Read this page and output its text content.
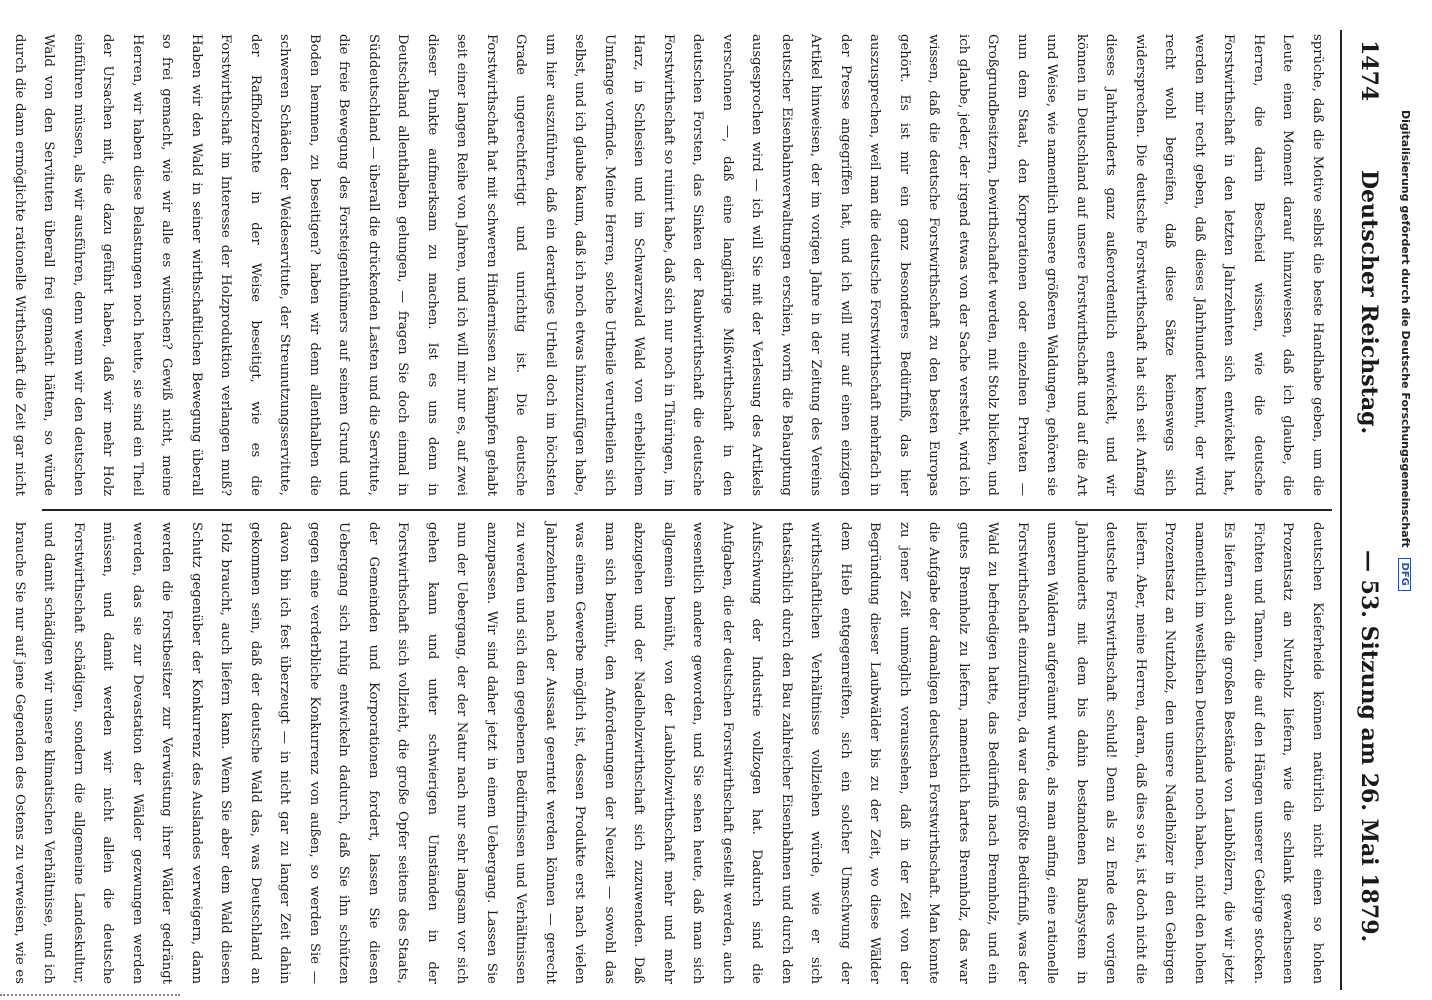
1474
Deutscher Reichstag.
— 53. Sitzung am 26. Mai 1879.

sprüche, daß die Motive selbst die beste Handhabe geben, um die Leute einen Moment darauf hinzuweisen, daß ich glaube, die Herren, die darin Bescheid wissen, wie die deutsche Forstwirthschaft in den letzten Jahrzehnten sich entwickelt hat, werden mir recht geben, daß dieses Jahrhundert kennt, der wird recht wohl begreifen, daß diese Sätze keineswegs sich widersprechen. Die deutsche Forstwirthschaft hat sich seit Anfang dieses Jahrhunderts ganz außerordentlich entwickelt, und wir können in Deutschland auf unsere Forstwirthschaft und auf die Art und Weise, wie namentlich unsere größeren Waldungen, gehören sie nun dem Staat, den Korporationen oder einzelnen Privaten — Großgrundbesitzern, bewirthschaftet werden, mit Stolz blicken, und ich glaube, jeder, der irgend etwas von der Sache versteht, wird ich wissen, daß die deutsche Forstwirthschaft zu den besten Europas gehört. Es ist mir ein ganz besonderes Bedürfniß, das hier auszusprechen, weil man die deutsche Forstwirthschaft mehrfach in der Presse angegriffen hat, und ich will nur auf einen einzigen Artikel hinweisen, der im vorigen Jahre in der Zeitung des Vereins deutscher Eisenbahnverwaltungen erschien, worin die Behauptung ausgesprochen wird — ich will Sie mit der Verlesung des Artikels verschonen —, daß eine langjährige Mißwirthschaft in den deutschen Forsten, das Sinken der Raubwirthschaft die deutsche Forstwirthschaft so ruinirt habe, daß sich nur noch in Thüringen, im Harz, in Schlesien und im Schwarzwald Wald von erheblichem Umfange vorfinde. Meine Herren, solche Urtheile verurtheilen sich selbst, und ich glaube kaum, daß ich noch etwas hinzuzufügen habe, um hier auszuführen, daß ein derartiges Urtheil doch im höchsten Grade ungerechtfertigt und unrichtig ist. Die deutsche Forstwirthschaft hat mit schweren Hindernissen zu kämpfen gehabt seit einer langen Reihe von Jahren, und ich will mir nur es, auf zwei dieser Punkte aufmerksam zu machen. Ist es uns denn in Deutschland allenthalben gelungen, — fragen Sie doch einmal in Süddeutschland — überall die drückenden Lasten und die Servitute, die freie Bewegung des Forsteigenthümers auf seinem Grund und Boden hemmen, zu beseitigen? haben wir denn allenthalben die schweren Schäden der Weideservitute, der Streunutzungsservitute, der Raffholzrechte in der Weise beseitigt, wie es die Forstwirthschaft im Interesse der Holzproduktion verlangen muß? Haben wir den Wald in seiner wirthschaftlichen Bewegung überall so frei gemacht, wie wir alle es wünschen? Gewiß nicht, meine Herren, wir haben diese Belastungen noch heute, sie sind ein Theil der Ursachen mit, die dazu geführt haben, daß wir mehr Holz einführen müssen, als wir ausführen, denn wenn wir den deutschen Wald von den Servituten überall frei gemacht hätten, so würde durch die dann ermöglichte rationelle Wirthschaft die Zeit gar nicht

deutschen Kieferheide können natürlich nicht einen so hohen Prozentsatz an Nutzholz liefern, wie die schlank gewachsenen Fichten und Tannen, die auf den Hängen unserer Gebirge stocken. Es liefern auch die großen Bestände von Laubhölzern, die wir jetzt namentlich im westlichen Deutschland noch haben, nicht den hohen Prozentsatz an Nutzholz, den unsere Nadelhölzer in den Gebirgen liefern. Aber, meine Herren, daran, daß dies so ist, ist doch nicht die deutsche Forstwirthschaft schuld! Denn als zu Ende des vorigen Jahrhunderts mit dem bis dahin bestandenen Raubsystem in unseren Waldern aufgeräumt wurde, als man anfing, eine rationelle Forstwirthschaft einzuführen, da war das größte Bedürfniß, was der Wald zu befriedigen hatte, das Bedürfniß nach Brennholz, und ein gutes Brennholz zu liefern, namentlich hartes Brennholz, das war die Aufgabe der damaligen deutschen Forstwirthschaft. Man konnte zu jener Zeit unmöglich voraussehen, daß in der Zeit von der Begründung dieser Laubwälder bis zu der Zeit, wo diese Wälder dem Hieb entgegenreiften, sich ein solcher Umschwung der wirthschaftlichen Verhältnisse vollziehen würde, wie er sich thatsächlich durch den Bau zahlreicher Eisenbahnen und durch den Aufschwung der Industrie vollzogen hat. Dadurch sind die Aufgaben, die der deutschen Forstwirthschaft gestellt werden, auch wesentlich andere geworden, und Sie sehen heute, daß man sich allgemein bemüht, von der Laubholzwirthschaft mehr und mehr abzugehen und der Nadelholzwirthschaft sich zuzuwenden. Daß man sich bemüht, den Anforderungen der Neuzeit — sowohl das was einem Gewerbe möglich ist, dessen Produkte erst nach vielen Jahrzehnten nach der Aussaat geerntet werden können — gerecht zu werden und sich den gegebenen Bedürfnissen und Verhältnissen anzupassen. Wir sind daher jetzt in einem Uebergang. Lassen Sie nun der Uebergang, der der Natur nach nur sehr langsam vor sich gehen kann und unter schwierigen Umständen in der Forstwirthschaft sich vollzieht, die große Opfer seitens des Staats, der Gemeinden und Korporationen fordert, lassen Sie diesen Uebergang sich ruhig entwickeln dadurch, daß Sie ihn schützen gegen eine verderbliche Konkurrenz von außen, so werden Sie — davon bin ich fest überzeugt — in nicht gar zu langer Zeit dahin gekommen sein, daß der deutsche Wald das, was Deutschland an Holz braucht, auch liefern kann. Wenn Sie aber dem Wald diesen Schutz gegenüber der Konkurrenz des Auslandes verweigern, dann werden die Forstbesitzer zur Verwüstung ihrer Wälder gedrängt werden, das sie zur Devastation der Wälder gezwungen werden müssen, und damit werden wir nicht allein die deutsche Forstwirthschaft schädigen, sondern die allgemeine Landeskultur, und damit schädigen wir unsere klimatischen Verhältnisse, und ich brauche Sie nur auf jene Gegenden des Ostens zu verweisen, wie es

Digitalisierung gefördert durch die Deutsche Forschungsgemeinschaft DFG
